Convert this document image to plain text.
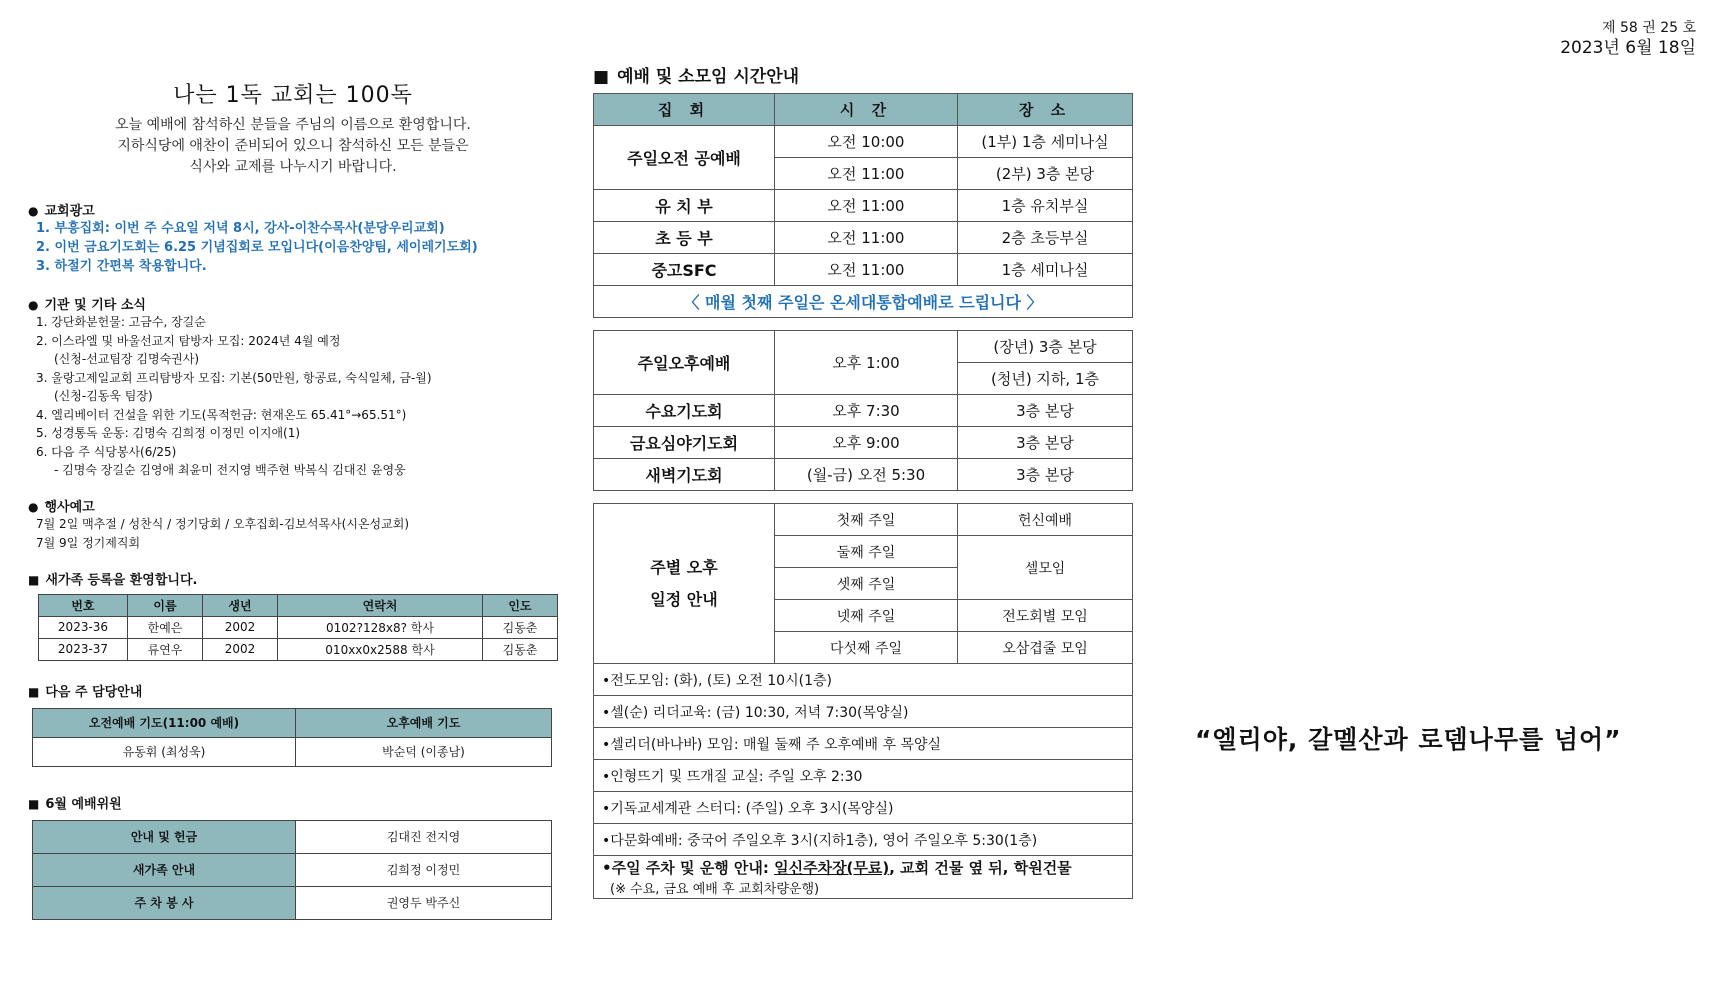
제 58 권 25 호
2023년 6월 18일
나는 1독 교회는 100독
오늘 예배에 참석하신 분들을 주님의 이름으로 환영합니다.
지하식당에 애찬이 준비되어 있으니 참석하신 모든 분들은
식사와 교제를 나누시기 바랍니다.
● 교회광고
1. 부흥집회: 이번 주 수요일 저녁 8시, 강사-이찬수목사(분당우리교회)
2. 이번 금요기도회는 6.25 기념집회로 모입니다(이음찬양팀, 세이레기도회)
3. 하절기 간편복 착용합니다.
● 기관 및 기타 소식
1. 강단화분헌물: 고금수, 장길순
2. 이스라엘 및 바울선교지 탐방자 모집: 2024년 4월 예정
(신청-선교팀장 김명숙권사)
3. 울랑고제일교회 프리탐방자 모집: 기본(50만원, 항공료, 숙식일체, 금-월)
(신청-김동욱 팀장)
4. 엘리베이터 건설을 위한 기도(목적헌금: 현재온도 65.41°→65.51°)
5. 성경통독 운동: 김명숙 김희정 이정민 이지애(1)
6. 다음 주 식당봉사(6/25)
- 김명숙 장길순 김영애 최윤미 전지영 백주현 박복식 김대진 윤영웅
● 행사예고
7월 2일 맥추절 / 성찬식 / 정기당회 / 오후집회-김보석목사(시온성교회)
7월 9일 정기제직회
■ 새가족 등록을 환영합니다.
번호	이름	생년	연락처	인도
2023-36	한예은	2002	0102?128x8? 학사	김동춘
2023-37	류연우	2002	010xx0x2588 학사	김동춘
■ 다음 주 담당안내
오전예배 기도(11:00 예배)	오후예배 기도
유동휘 (최성욱)	박순덕 (이종남)
■ 6월 예배위원
안내 및 헌금	김대진 전지영
새가족 안내	김희정 이정민
주 차 봉 사	권영두 박주신
■ 예배 및 소모임 시간안내
집 회	시 간	장 소
주일오전 공예배	오전 10:00	(1부) 1층 세미나실
	오전 11:00	(2부) 3층 본당
유 치 부	오전 11:00	1층 유치부실
초 등 부	오전 11:00	2층 초등부실
중고SFC	오전 11:00	1층 세미나실
〈 매월 첫째 주일은 온세대통합예배로 드립니다 〉		
주일오후예배	오후 1:00	(장년) 3층 본당
		(청년) 지하, 1층
수요기도회	오후 7:30	3층 본당
금요심야기도회	오후 9:00	3층 본당
새벽기도회	(월-금) 오전 5:30	3층 본당
주별 오후
일정 안내	첫째 주일	헌신예배
	둘째 주일	셀모임
	셋째 주일	
	넷째 주일	전도회별 모임
	다섯째 주일	오삼겹줄 모임
•전도모임: (화), (토) 오전 10시(1층)		
•셀(순) 리더교육: (금) 10:30, 저녁 7:30(목양실)		
•셀리더(바나바) 모임: 매월 둘째 주 오후예배 후 목양실		
•인형뜨기 및 뜨개질 교실: 주일 오후 2:30		
•기독교세계관 스터디: (주일) 오후 3시(목양실)		
•다문화예배: 중국어 주일오후 3시(지하1층), 영어 주일오후 5:30(1층)		
•주일 주차 및 운행 안내: 일신주차장(무료), 교회 건물 옆 뒤, 학원건물
(※ 수요, 금요 예배 후 교회차량운행)		
“엘리야, 갈멜산과 로뎀나무를 넘어”
